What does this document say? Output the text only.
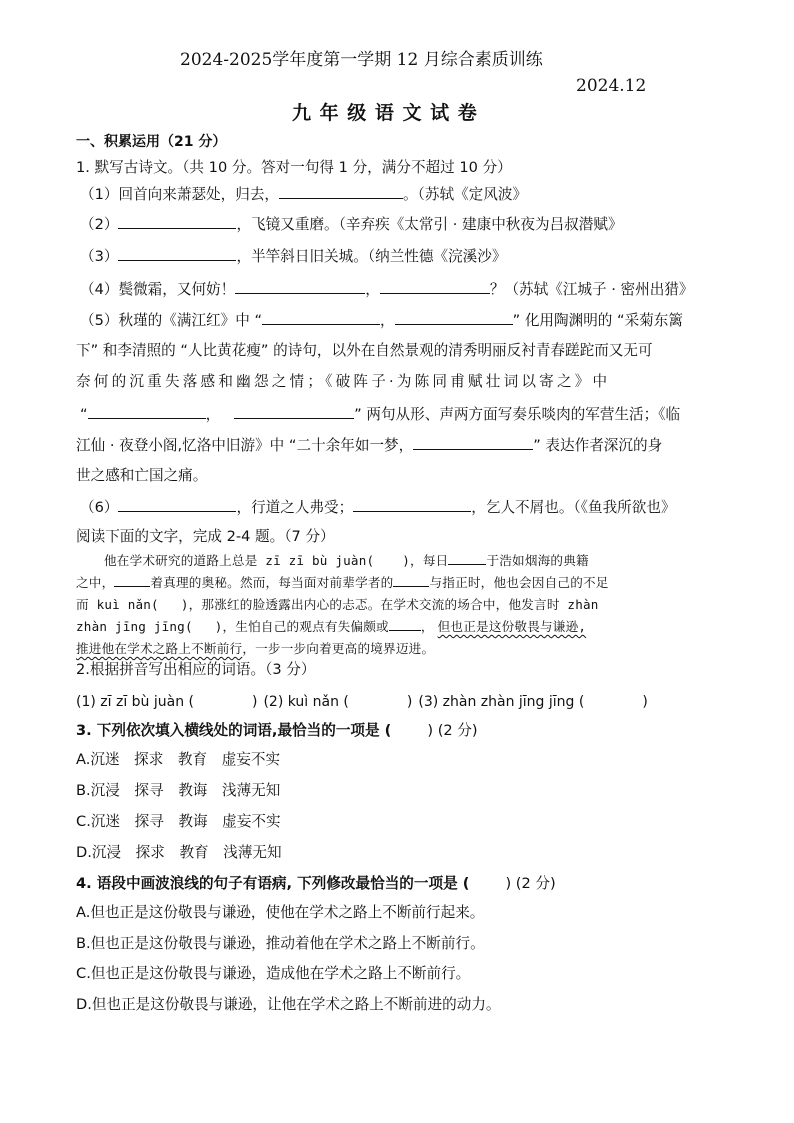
2024-2025学年度第一学期 12 月综合素质训练
2024.12
九 年 级 语 文 试 卷
一、积累运用（21 分）
1. 默写古诗文。（共 10 分。答对一句得 1 分，满分不超过 10 分）
（1）回首向来萧瑟处，归去，	。（苏轼《定风波》
（2）	，飞镜又重磨。（辛弃疾《太常引 · 建康中秋夜为吕叔潜赋》
（3）	，半竿斜日旧关城。（纳兰性德《浣溪沙》
（4）鬓微霜，又何妨！	，	？（苏轼《江城子 · 密州出猎》
（5）秋瑾的《满江红》中 “	，	” 化用陶渊明的 “采菊东篱
下” 和李清照的 “人比黄花瘦” 的诗句，以外在自然景观的清秀明丽反衬青春蹉跎而又无可
奈何的沉重失落感和幽怨之情；《破阵子·为陈同甫赋壮词以寄之》中
“	，	” 两句从形、声两方面写奏乐啖肉的军营生活；《临
江仙 · 夜登小阁,忆洛中旧游》中 “二十余年如一梦，	” 表达作者深沉的身
世之感和亡国之痛。
（6）	，行道之人弗受；	，乞人不屑也。（《鱼我所欲也》
阅读下面的文字，完成 2-4 题。（7 分）
他在学术研究的道路上总是 zī zī bù juàn( )，每日	于浩如烟海的典籍
之中，	着真理的奥秘。然而，每当面对前辈学者的	与指正时，他也会因自己的不足
而 kuì nǎn( )，那涨红的脸透露出内心的忐忑。在学术交流的场合中，他发言时 zhàn
zhàn jīng jīng( )，生怕自己的观点有失偏颇或	， 但也正是这份敬畏与谦逊,
推进他在学术之路上不断前行，一步一步向着更高的境界迈进。
2.根据拼音写出相应的词语。（3 分）
(1) zī zī bù juàn (	) (2) kuì nǎn (	) (3) zhàn zhàn jīng jīng (	)
3. 下列依次填入横线处的词语,最恰当的一项是 ( ) (2 分)
A.沉迷　探求　教育　虚妄不实
B.沉浸　探寻　教诲　浅薄无知
C.沉迷　探寻　教诲　虚妄不实
D.沉浸　探求　教育　浅薄无知
4. 语段中画波浪线的句子有语病, 下列修改最恰当的一项是 ( ) (2 分)
A.但也正是这份敬畏与谦逊，使他在学术之路上不断前行起来。
B.但也正是这份敬畏与谦逊，推动着他在学术之路上不断前行。
C.但也正是这份敬畏与谦逊，造成他在学术之路上不断前行。
D.但也正是这份敬畏与谦逊，让他在学术之路上不断前进的动力。
